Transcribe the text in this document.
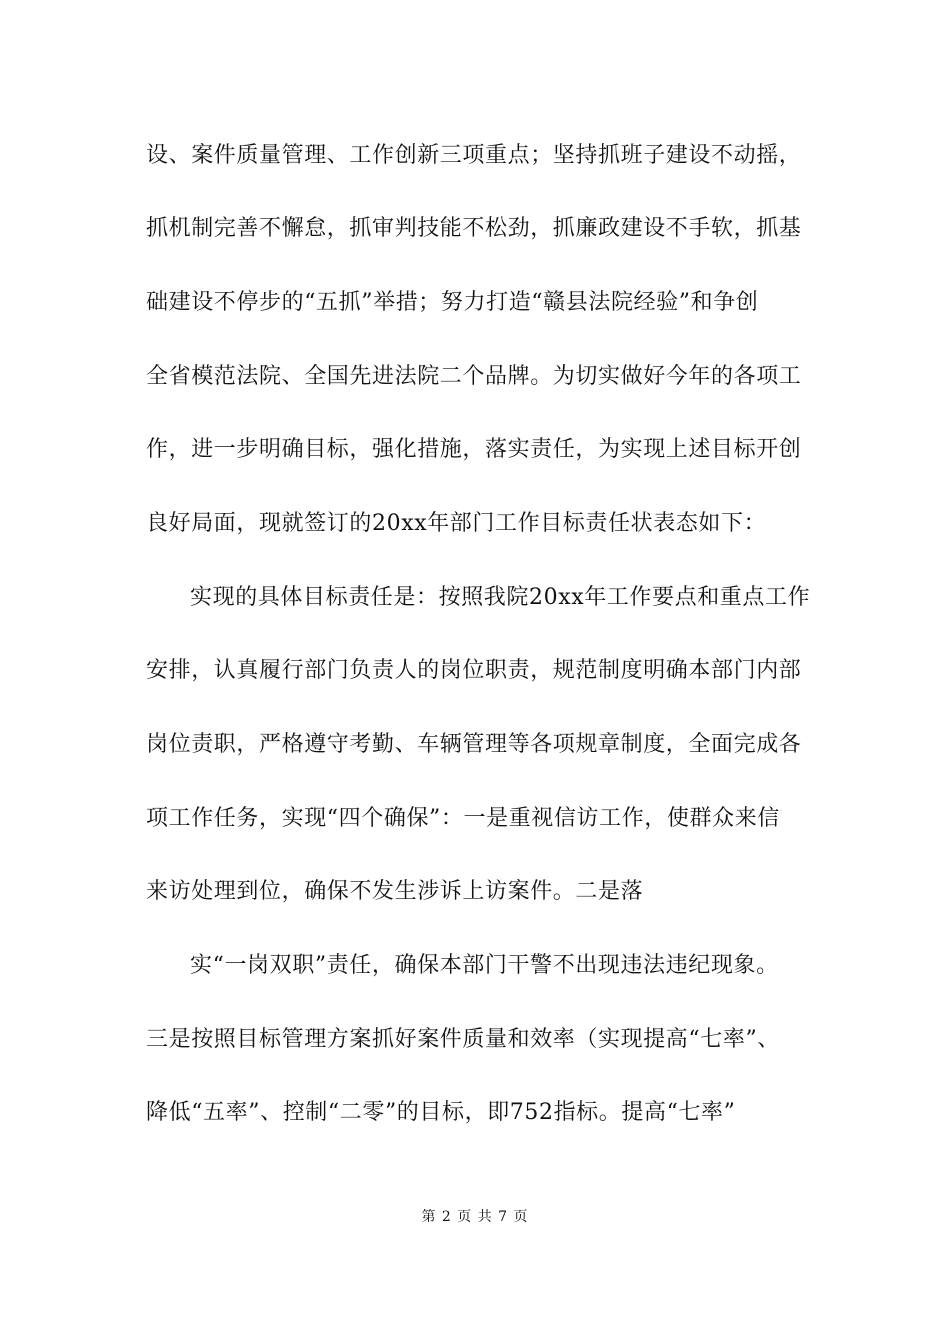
设、案件质量管理、工作创新三项重点；坚持抓班子建设不动摇，
抓机制完善不懈怠，抓审判技能不松劲，抓廉政建设不手软，抓基
础建设不停步的“五抓”举措；努力打造“赣县法院经验”和争创
全省模范法院、全国先进法院二个品牌。为切实做好今年的各项工
作，进一步明确目标，强化措施，落实责任，为实现上述目标开创
良好局面，现就签订的20xx年部门工作目标责任状表态如下：
实现的具体目标责任是：按照我院20xx年工作要点和重点工作
安排，认真履行部门负责人的岗位职责，规范制度明确本部门内部
岗位责职，严格遵守考勤、车辆管理等各项规章制度，全面完成各
项工作任务，实现“四个确保”：一是重视信访工作，使群众来信
来访处理到位，确保不发生涉诉上访案件。二是落
实“一岗双职”责任，确保本部门干警不出现违法违纪现象。
三是按照目标管理方案抓好案件质量和效率（实现提高“七率”、
降低“五率”、控制“二零”的目标，即752指标。提高“七率”
第 2 页 共 7 页
